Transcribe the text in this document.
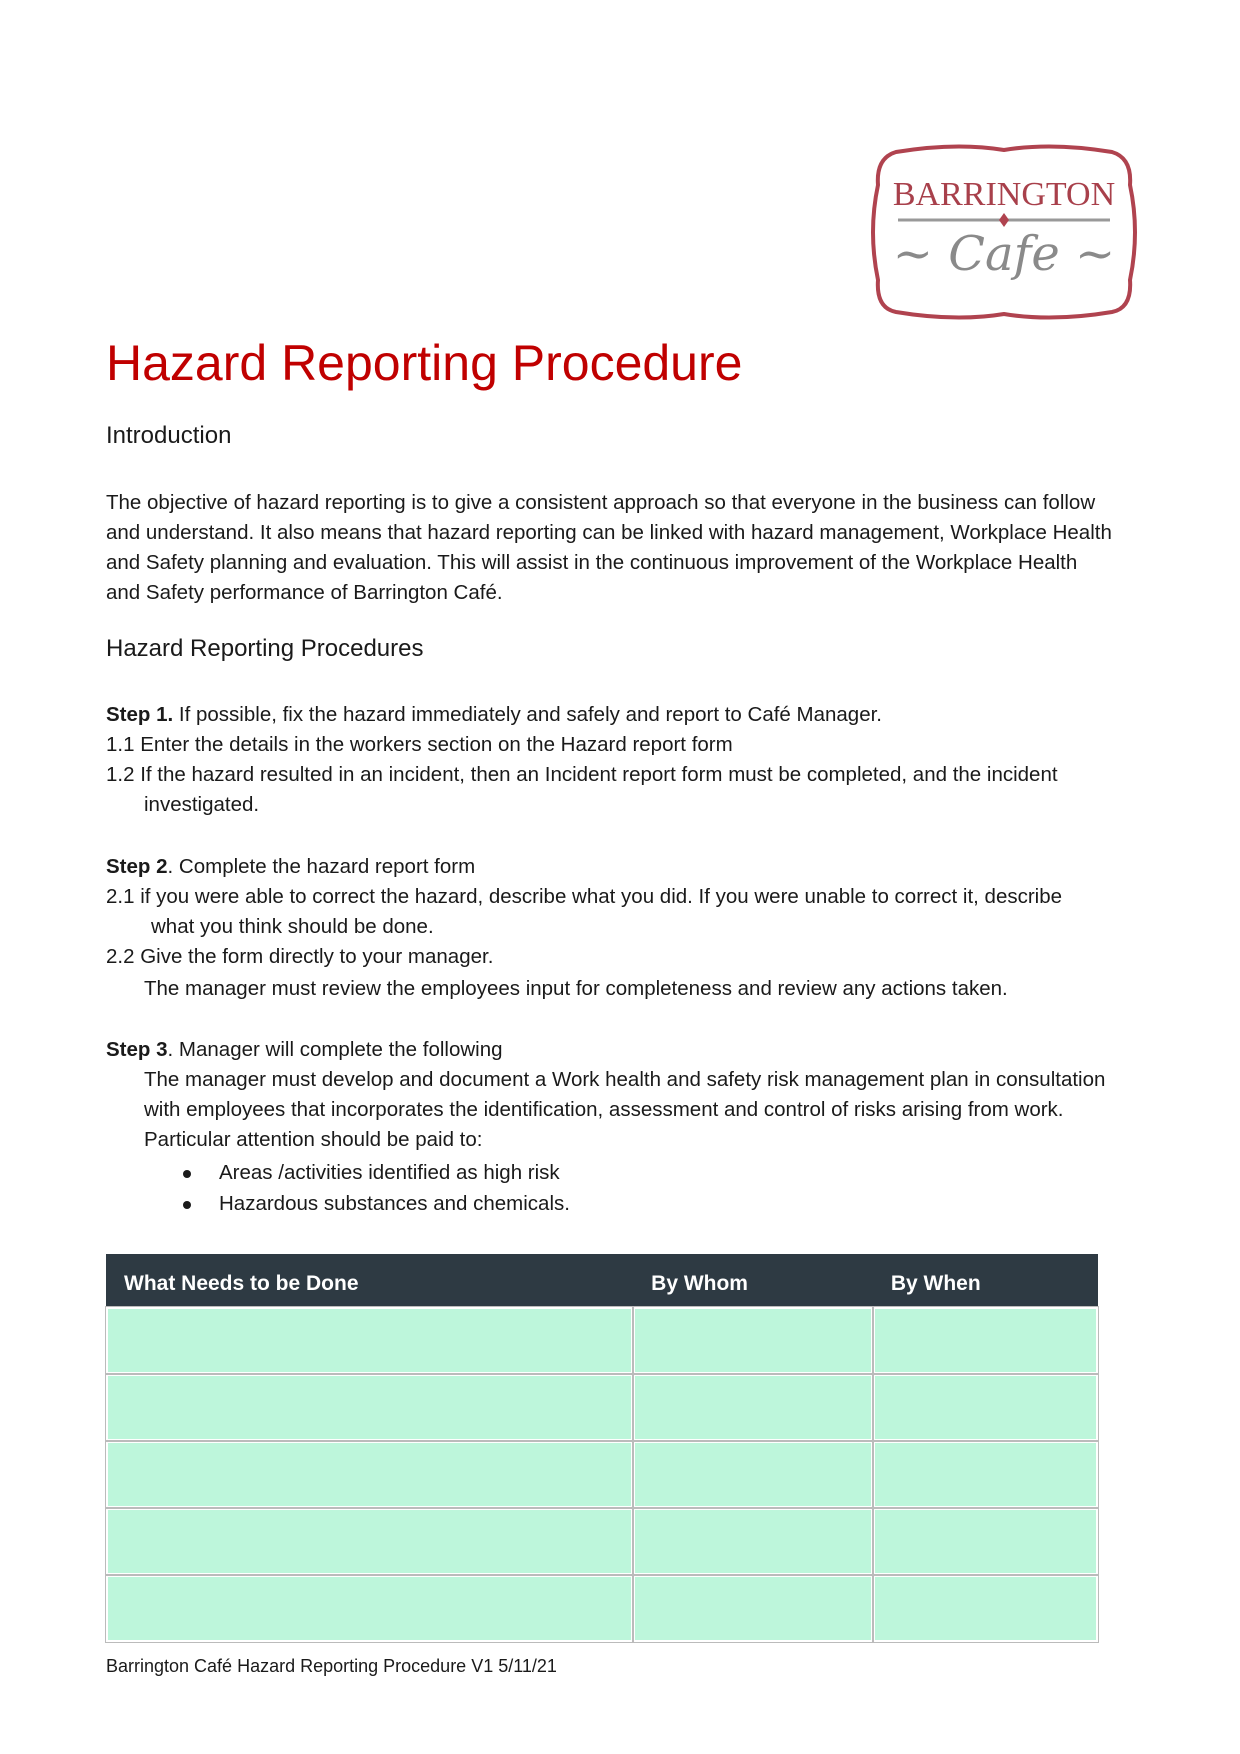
BARRINGTON
~ Cafe ~
Hazard Reporting Procedure
Introduction
The objective of hazard reporting is to give a consistent approach so that everyone in the business can follow
and understand. It also means that hazard reporting can be linked with hazard management, Workplace Health
and Safety planning and evaluation. This will assist in the continuous improvement of the Workplace Health
and Safety performance of Barrington Café.
Hazard Reporting Procedures
Step 1. If possible, fix the hazard immediately and safely and report to Café Manager.
1.1 Enter the details in the workers section on the Hazard report form
1.2 If the hazard resulted in an incident, then an Incident report form must be completed, and the incident
investigated.
Step 2. Complete the hazard report form
2.1 if you were able to correct the hazard, describe what you did. If you were unable to correct it, describe
what you think should be done.
2.2 Give the form directly to your manager.
The manager must review the employees input for completeness and review any actions taken.
Step 3. Manager will complete the following
The manager must develop and document a Work health and safety risk management plan in consultation
with employees that incorporates the identification, assessment and control of risks arising from work.
Particular attention should be paid to:
Areas /activities identified as high risk
Hazardous substances and chemicals.
What Needs to be Done	By Whom	By When

Barrington Café Hazard Reporting Procedure V1 5/11/21
